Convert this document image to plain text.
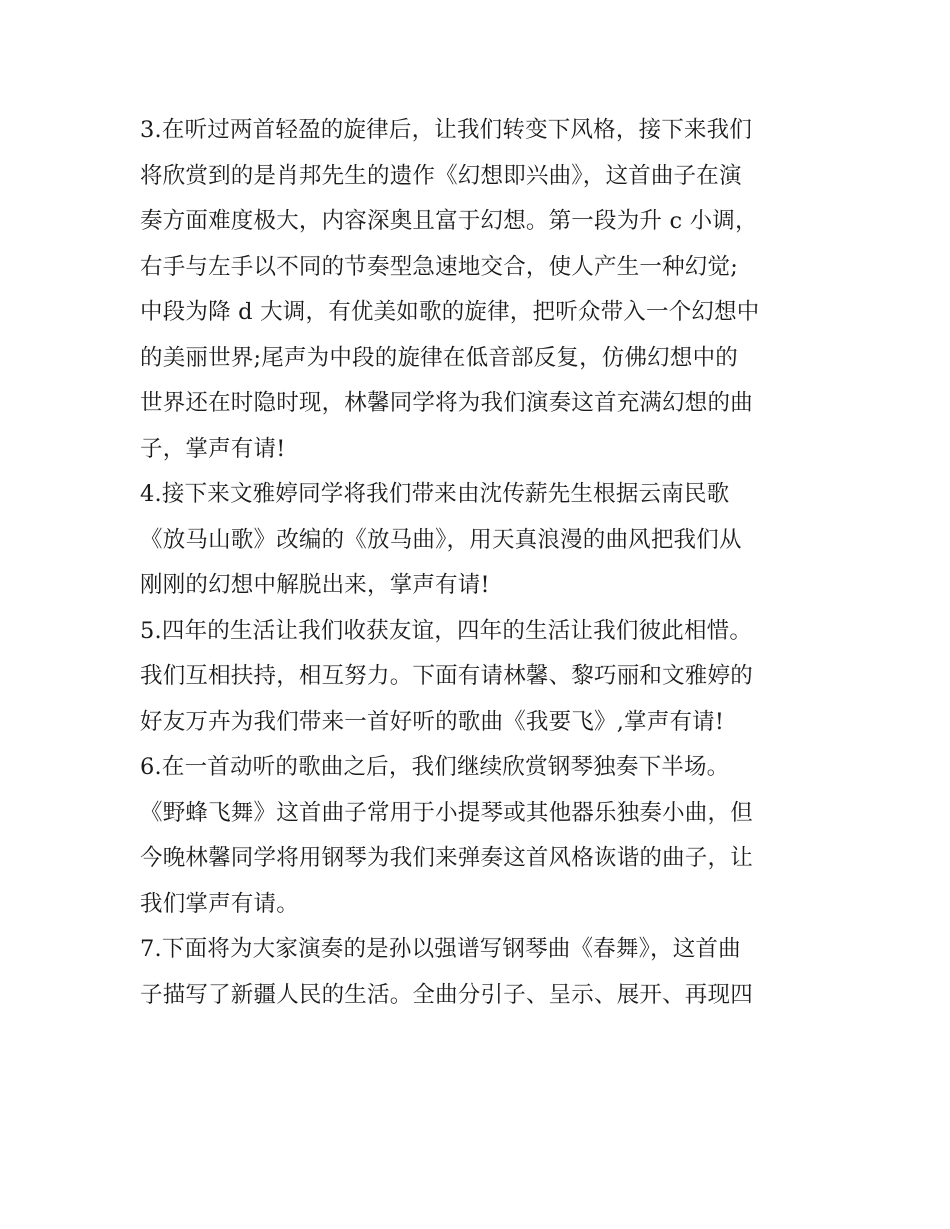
3.在听过两首轻盈的旋律后，让我们转变下风格，接下来我们
将欣赏到的是肖邦先生的遗作《幻想即兴曲》，这首曲子在演
奏方面难度极大，内容深奥且富于幻想。第一段为升 c 小调，
右手与左手以不同的节奏型急速地交合，使人产生一种幻觉;
中段为降 d 大调，有优美如歌的旋律，把听众带入一个幻想中
的美丽世界;尾声为中段的旋律在低音部反复，仿佛幻想中的
世界还在时隐时现，林馨同学将为我们演奏这首充满幻想的曲
子，掌声有请!
4.接下来文雅婷同学将我们带来由沈传薪先生根据云南民歌
《放马山歌》改编的《放马曲》，用天真浪漫的曲风把我们从
刚刚的幻想中解脱出来，掌声有请!
5.四年的生活让我们收获友谊，四年的生活让我们彼此相惜。
我们互相扶持，相互努力。下面有请林馨、黎巧丽和文雅婷的
好友万卉为我们带来一首好听的歌曲《我要飞》,掌声有请!
6.在一首动听的歌曲之后，我们继续欣赏钢琴独奏下半场。
《野蜂飞舞》这首曲子常用于小提琴或其他器乐独奏小曲，但
今晚林馨同学将用钢琴为我们来弹奏这首风格诙谐的曲子，让
我们掌声有请。
7.下面将为大家演奏的是孙以强谱写钢琴曲《春舞》，这首曲
子描写了新疆人民的生活。全曲分引子、呈示、展开、再现四
